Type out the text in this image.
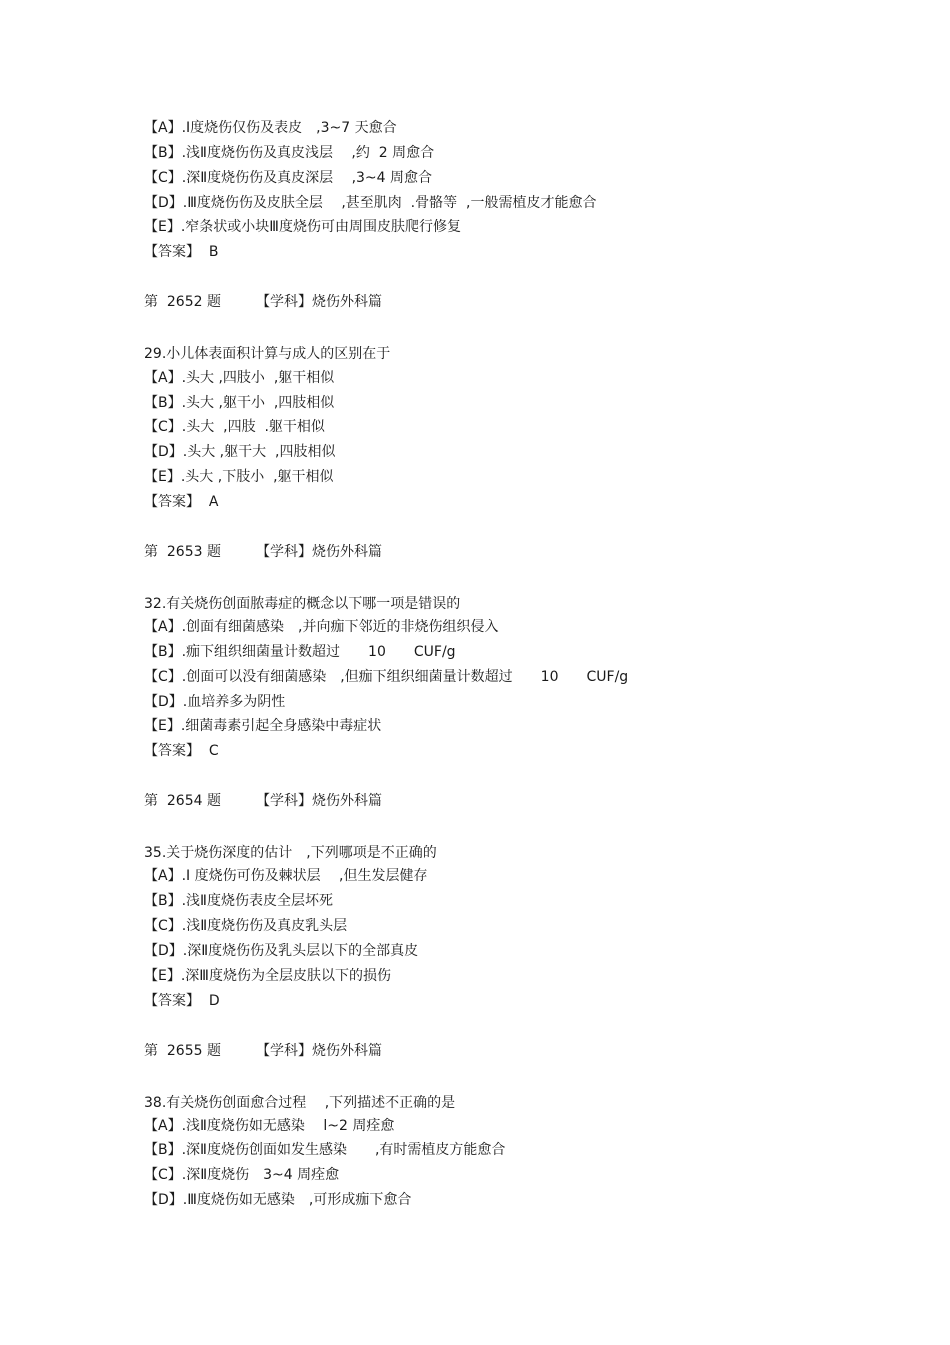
【A】.Ⅰ度烧伤仅伤及表皮　,3~7 天愈合
【B】.浅Ⅱ度烧伤伤及真皮浅层　 ,约  2 周愈合
【C】.深Ⅱ度烧伤伤及真皮深层　 ,3~4 周愈合
【D】.Ⅲ度烧伤伤及皮肤全层　 ,甚至肌肉  .骨骼等  ,一般需植皮才能愈合
【E】.窄条状或小块Ⅲ度烧伤可由周围皮肤爬行修复
【答案】  B
第  2652 题　　　【学科】烧伤外科篇
29.小儿体表面积计算与成人的区别在于
【A】.头大 ,四肢小  ,躯干相似
【B】.头大 ,躯干小  ,四肢相似
【C】.头大  ,四肢  .躯干相似
【D】.头大 ,躯干大  ,四肢相似
【E】.头大 ,下肢小  ,躯干相似
【答案】  A
第  2653 题　　　【学科】烧伤外科篇
32.有关烧伤创面脓毒症的概念以下哪一项是错误的
【A】.创面有细菌感染　,并向痂下邻近的非烧伤组织侵入
【B】.痂下组织细菌量计数超过　　10　　CUF/g
【C】.创面可以没有细菌感染　,但痂下组织细菌量计数超过　　10　　CUF/g
【D】.血培养多为阴性
【E】.细菌毒素引起全身感染中毒症状
【答案】  C
第  2654 题　　　【学科】烧伤外科篇
35.关于烧伤深度的估计　,下列哪项是不正确的
【A】.I 度烧伤可伤及棘状层　 ,但生发层健存
【B】.浅Ⅱ度烧伤表皮全层坏死
【C】.浅Ⅱ度烧伤伤及真皮乳头层
【D】.深Ⅱ度烧伤伤及乳头层以下的全部真皮
【E】.深Ⅲ度烧伤为全层皮肤以下的损伤
【答案】  D
第  2655 题　　　【学科】烧伤外科篇
38.有关烧伤创面愈合过程　 ,下列描述不正确的是
【A】.浅Ⅱ度烧伤如无感染　 l~2 周痊愈
【B】.深Ⅱ度烧伤创面如发生感染　　,有时需植皮方能愈合
【C】.深Ⅱ度烧伤　3~4 周痊愈
【D】.Ⅲ度烧伤如无感染　,可形成痂下愈合
